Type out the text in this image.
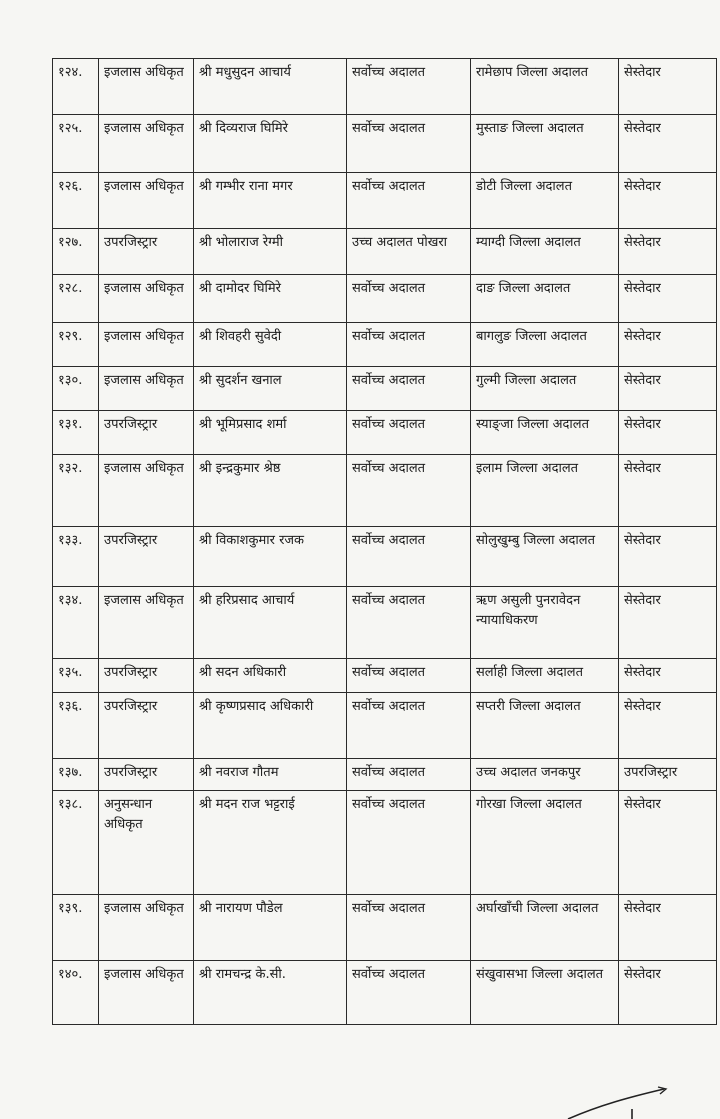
१२४.	इजलास अधिकृत	श्री मधुसुदन आचार्य	सर्वोच्च अदालत	रामेछाप जिल्ला अदालत	सेस्तेदार
१२५.	इजलास अधिकृत	श्री दिव्यराज घिमिरे	सर्वोच्च अदालत	मुस्ताङ जिल्ला अदालत	सेस्तेदार
१२६.	इजलास अधिकृत	श्री गम्भीर राना मगर	सर्वोच्च अदालत	डोटी जिल्ला अदालत	सेस्तेदार
१२७.	उपरजिस्ट्रार	श्री भोलाराज रेग्मी	उच्च अदालत पोखरा	म्याग्दी जिल्ला अदालत	सेस्तेदार
१२८.	इजलास अधिकृत	श्री दामोदर घिमिरे	सर्वोच्च अदालत	दाङ जिल्ला अदालत	सेस्तेदार
१२९.	इजलास अधिकृत	श्री शिवहरी सुवेदी	सर्वोच्च अदालत	बागलुङ जिल्ला अदालत	सेस्तेदार
१३०.	इजलास अधिकृत	श्री सुदर्शन खनाल	सर्वोच्च अदालत	गुल्मी जिल्ला अदालत	सेस्तेदार
१३१.	उपरजिस्ट्रार	श्री भूमिप्रसाद शर्मा	सर्वोच्च अदालत	स्याङ्जा जिल्ला अदालत	सेस्तेदार
१३२.	इजलास अधिकृत	श्री इन्द्रकुमार श्रेष्ठ	सर्वोच्च अदालत	इलाम जिल्ला अदालत	सेस्तेदार
१३३.	उपरजिस्ट्रार	श्री विकाशकुमार रजक	सर्वोच्च अदालत	सोलुखुम्बु जिल्ला अदालत	सेस्तेदार
१३४.	इजलास अधिकृत	श्री हरिप्रसाद आचार्य	सर्वोच्च अदालत	ऋण असुली पुनरावेदन न्यायाधिकरण	सेस्तेदार
१३५.	उपरजिस्ट्रार	श्री सदन अधिकारी	सर्वोच्च अदालत	सर्लाही जिल्ला अदालत	सेस्तेदार
१३६.	उपरजिस्ट्रार	श्री कृष्णप्रसाद अधिकारी	सर्वोच्च अदालत	सप्तरी जिल्ला अदालत	सेस्तेदार
१३७.	उपरजिस्ट्रार	श्री नवराज गौतम	सर्वोच्च अदालत	उच्च अदालत जनकपुर	उपरजिस्ट्रार
१३८.	अनुसन्धान अधिकृत	श्री मदन राज भट्टराई	सर्वोच्च अदालत	गोरखा जिल्ला अदालत	सेस्तेदार
१३९.	इजलास अधिकृत	श्री नारायण पौडेल	सर्वोच्च अदालत	अर्घाखाँची जिल्ला अदालत	सेस्तेदार
१४०.	इजलास अधिकृत	श्री रामचन्द्र के.सी.	सर्वोच्च अदालत	संखुवासभा जिल्ला अदालत	सेस्तेदार
